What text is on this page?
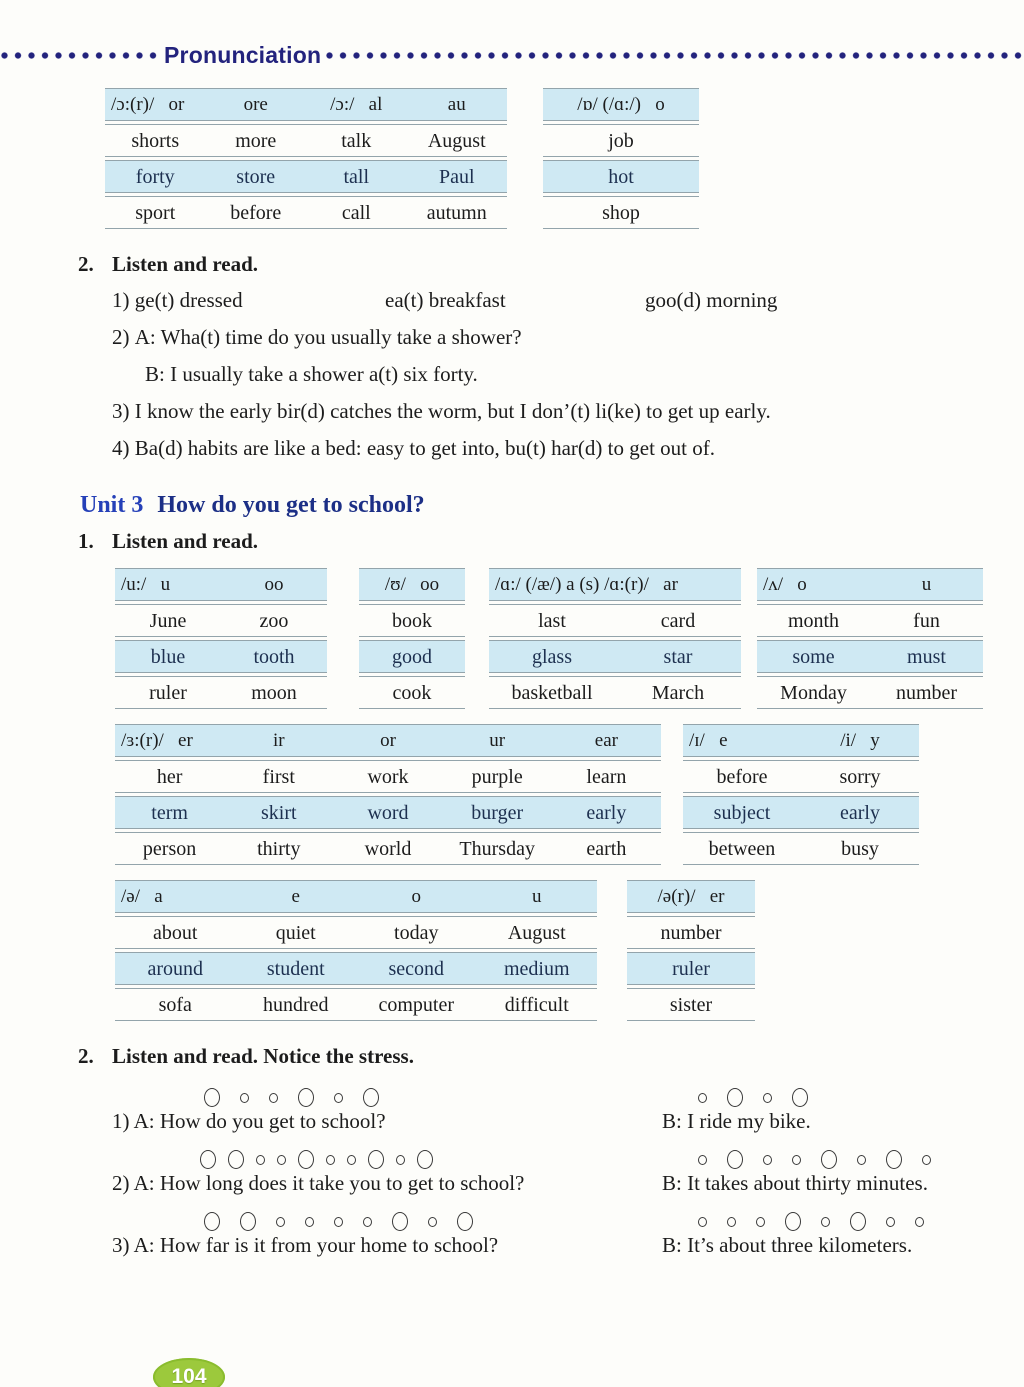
Pronunciation
/ɔ:(r)/   or	ore	/ɔ:/   al	au
shorts	more	talk	August
forty	store	tall	Paul
sport	before	call	autumn
/ɒ/ (/ɑ:/)   o
job
hot
shop
2. Listen and read.
1) ge(t) dressed	ea(t) breakfast	goo(d) morning
2) A: Wha(t) time do you usually take a shower?
B: I usually take a shower a(t) six forty.
3) I know the early bir(d) catches the worm, but I don’(t) li(ke) to get up early.
4) Ba(d) habits are like a bed: easy to get into, bu(t) har(d) to get out of.
Unit 3 How do you get to school?
1. Listen and read.
/u:/   u	oo
June	zoo
blue	tooth
ruler	moon
/ʊ/   oo
book
good
cook
/ɑ:/ (/æ/) a (s) /ɑ:(r)/   ar
last	card
glass	star
basketball	March
/ʌ/   o	u
month	fun
some	must
Monday	number
/ɜ:(r)/   er	ir	or	ur	ear
her	first	work	purple	learn
term	skirt	word	burger	early
person	thirty	world	Thursday	earth
/ɪ/   e	/i/   y
before	sorry
subject	early
between	busy
/ə/   a	e	o	u
about	quiet	today	August
around	student	second	medium
sofa	hundred	computer	difficult
/ə(r)/   er
number
ruler
sister
2. Listen and read. Notice the stress.
1) A: How do you get to school?	B: I ride my bike.
2) A: How long does it take you to get to school?	B: It takes about thirty minutes.
3) A: How far is it from your home to school?	B: It’s about three kilometers.
104
